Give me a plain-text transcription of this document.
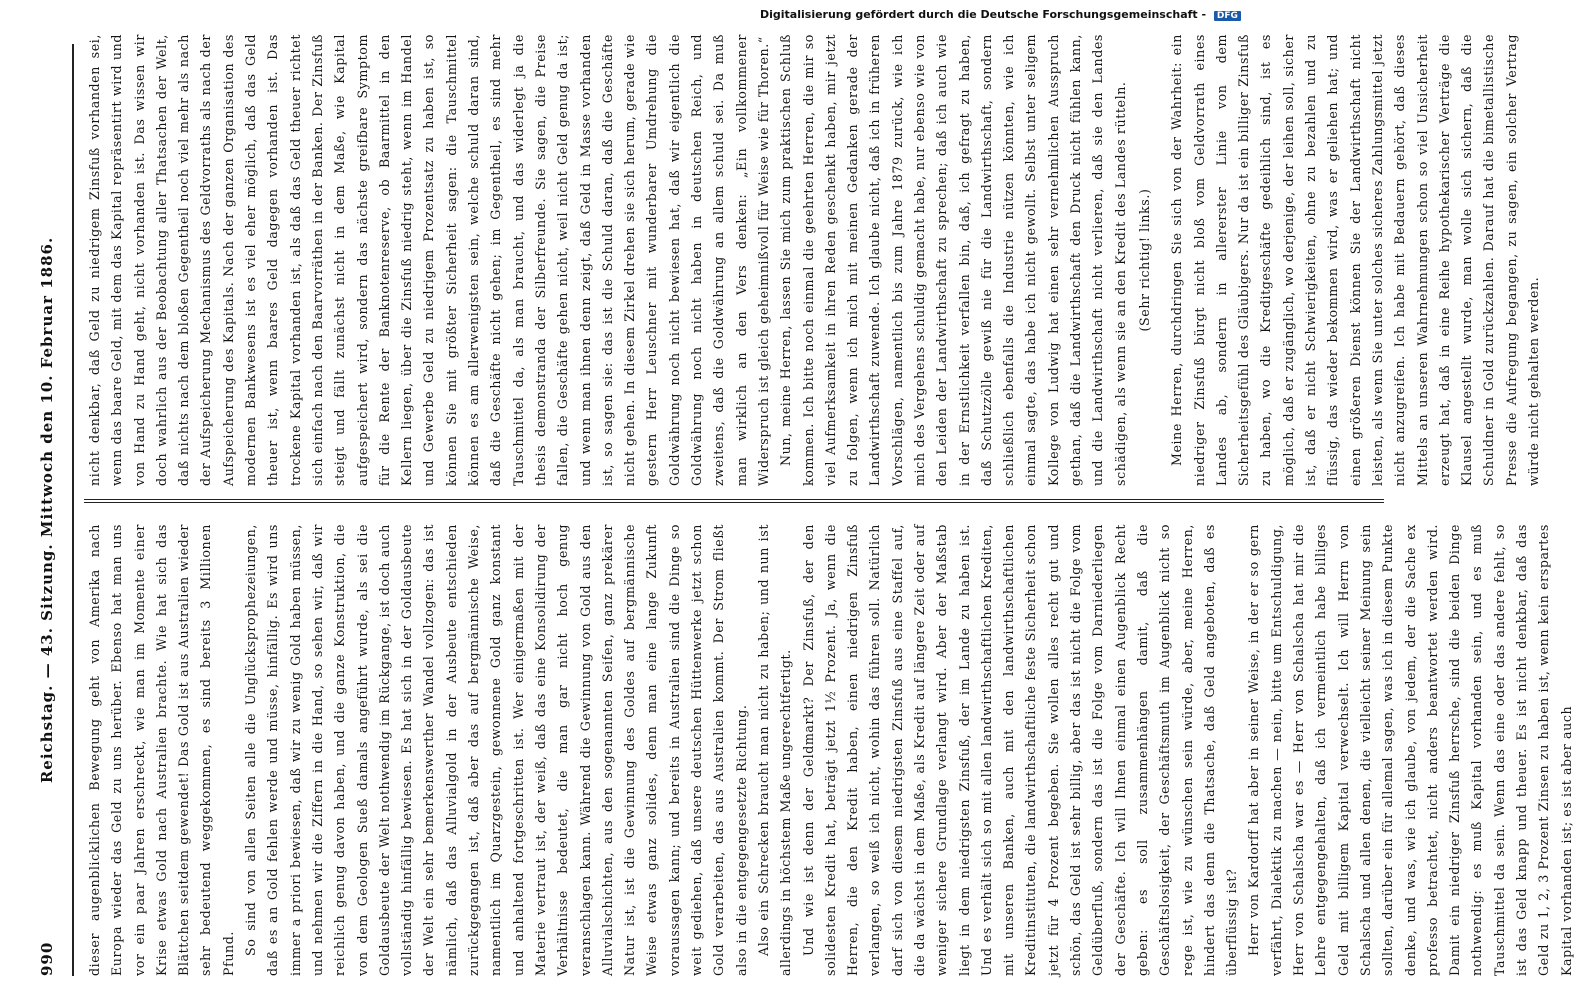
990
Reichstag. — 43. Sitzung. Mittwoch den 10. Februar 1886. dieser augenblicklichen Bewegung geht von Amerika nach Europa wieder das Geld zu uns herüber. Ebenso hat man uns vor ein paar Jahren erschreckt, wie man im Momente einer Krise etwas Gold nach Australien brachte. Wie hat sich das Blättchen seitdem gewendet! Das Gold ist aus Australien wieder sehr bedeutend weggekommen, es sind bereits 3 Millionen Pfund. So sind von allen Seiten alle die Unglücksprophezeiungen, daß es an Gold fehlen werde und müsse, hinfällig. Es wird uns immer a priori bewiesen, daß wir zu wenig Gold haben müssen, und nehmen wir die Ziffern in die Hand, so sehen wir, daß wir reichlich genug davon haben, und die ganze Konstruktion, die von dem Geologen Sueß damals angeführt wurde, als sei die Goldausbeute der Welt nothwendig im Rückgange, ist doch auch vollständig hinfällig bewiesen. Es hat sich in der Goldausbeute der Welt ein sehr bemerkenswerther Wandel vollzogen: das ist nämlich, daß das Alluvialgold in der Ausbeute entschieden zurückgegangen ist, daß aber das auf bergmännische Weise, namentlich im Quarzgestein, gewonnene Gold ganz konstant und anhaltend fortgeschritten ist. Wer einigermaßen mit der Materie vertraut ist, der weiß, daß das eine Konsolidirung der Verhältnisse bedeutet, die man gar nicht hoch genug veranschlagen kann. Während die Gewinnung von Gold aus den Alluvialschichten, aus den sogenannten Seifen, ganz prekärer Natur ist, ist die Gewinnung des Goldes auf bergmännische Weise etwas ganz solides, denn man eine lange Zukunft voraussagen kann; und bereits in Australien sind die Dinge so weit gediehen, daß unsere deutschen Hüttenwerke jetzt schon Gold verarbeiten, das aus Australien kommt. Der Strom fließt also in die entgegengesetzte Richtung. Also ein Schrecken braucht man nicht zu haben; und nun ist allerdings in höchstem Maße ungerechtfertigt. Und wie ist denn der Geldmarkt? Der Zinsfuß, der den solidesten Kredit hat, beträgt jetzt 1½ Prozent. Ja, wenn die Herren, die den Kredit haben, einen niedrigen Zinsfuß verlangen, so weiß ich nicht, wohin das führen soll. Natürlich darf sich von diesem niedrigsten Zinsfuß aus eine Staffel auf, die da wächst in dem Maße, als Kredit auf längere Zeit oder auf weniger sichere Grundlage verlangt wird. Aber der Maßstab liegt in dem niedrigsten Zinsfuß, der im Lande zu haben ist. Und es verhält sich so mit allen landwirthschaftlichen Krediten, mit unseren Banken, auch mit den landwirthschaftlichen Kreditinstituten, die landwirthschaftliche feste Sicherheit schon jetzt für 4 Prozent begeben. Sie wollen alles recht gut und schön, das Geld ist sehr billig, aber das ist nicht die Folge vom Geldüberfluß, sondern das ist die Folge vom Darniederliegen der Geschäfte. Ich will Ihnen einmal einen Augenblick Recht geben: es soll zusammenhängen damit, daß die Geschäftslosigkeit, der Geschäftsmuth im Augenblick nicht so rege ist, wie zu wünschen sein würde, aber, meine Herren, hindert das denn die Thatsache, daß Geld angeboten, daß es überflüssig ist? Herr von Kardorff hat aber in seiner Weise, in der er so gern verfährt, Dialektik zu machen — nein, bitte um Entschuldigung, Herr von Schalscha war es — Herr von Schalscha hat mir die Lehre entgegengehalten, daß ich vermeintlich habe billiges Geld mit billigem Kapital verwechselt. Ich will Herrn von Schalscha und allen denen, die vielleicht seiner Meinung sein sollten, darüber ein für allemal sagen, was ich in diesem Punkte denke, und was, wie ich glaube, von jedem, der die Sache ex professo betrachtet, nicht anders beantwortet werden wird. Damit ein niedriger Zinsfuß herrsche, sind die beiden Dinge nothwendig: es muß Kapital vorhanden sein, und es muß Tauschmittel da sein. Wenn das eine oder das andere fehlt, so ist das Geld knapp und theuer. Es ist nicht denkbar, daß das Geld zu 1, 2, 3 Prozent Zinsen zu haben ist, wenn kein erspartes Kapital vorhanden ist; es ist aber auch

nicht denkbar, daß Geld zu niedrigem Zinsfuß vorhanden sei, wenn das baare Geld, mit dem das Kapital repräsentirt wird und von Hand zu Hand geht, nicht vorhanden ist. Das wissen wir doch wahrlich aus der Beobachtung aller Thatsachen der Welt, daß nichts nach dem bloßen Gegentheil noch viel mehr als nach der Aufspeicherung Mechanismus des Geldvorraths als nach der Aufspeicherung des Kapitals. Nach der ganzen Organisation des modernen Bankwesens ist es viel eher möglich, daß das Geld theuer ist, wenn baares Geld dagegen vorhanden ist. Das trockene Kapital vorhanden ist, als daß das Geld theuer richtet sich einfach nach den Baarvorräthen in der Banken. Der Zinsfuß steigt und fällt zunächst nicht in dem Maße, wie Kapital aufgespeichert wird, sondern das nächste greifbare Symptom für die Rente der Banknotenreserve, ob Baarmittel in den Kellern liegen, über die Zinsfuß niedrig steht, wenn im Handel und Gewerbe Geld zu niedrigem Prozentsatz zu haben ist, so können Sie mit größter Sicherheit sagen: die Tauschmittel können es am allerwenigsten sein, welche schuld daran sind, daß die Geschäfte nicht gehen; im Gegentheil, es sind mehr Tauschmittel da, als man braucht, und das widerlegt ja die thesis demonstranda der Silberfreunde. Sie sagen, die Preise fallen, die Geschäfte gehen nicht, weil nicht Geld genug da ist; und wenn man ihnen denn zeigt, daß Geld in Masse vorhanden ist, so sagen sie: das ist die Schuld daran, daß die Geschäfte nicht gehen. In diesem Zirkel drehen sie sich herum, gerade wie gestern Herr Leuschner mit wunderbarer Umdrehung die Goldwährung noch nicht bewiesen hat, daß wir eigentlich die Goldwährung noch nicht haben in deutschen Reich, und zweitens, daß die Goldwährung an allem schuld sei. Da muß man wirklich an den Vers denken: „Ein vollkommener Widerspruch ist gleich geheimnißvoll für Weise wie für Thoren.“ Nun, meine Herren, lassen Sie mich zum praktischen Schluß kommen. Ich bitte noch einmal die geehrten Herren, die mir so viel Aufmerksamkeit in ihren Reden geschenkt haben, mir jetzt zu folgen, wenn ich mich mit meinen Gedanken gerade der Landwirthschaft zuwende. Ich glaube nicht, daß ich in früheren Vorschlägen, namentlich bis zum Jahre 1879 zurück, wie ich mich des Vergehens schuldig gemacht habe, nur ebenso wie von den Leiden der Landwirthschaft zu sprechen; daß ich auch wie in der Ernstlichkeit verfallen bin, daß, ich gefragt zu haben, daß Schutzzölle gewiß nie für die Landwirthschaft, sondern schließlich ebenfalls die Industrie nützen könnten, wie ich einmal sagte, das habe ich nicht gewollt. Selbst unter seligem Kollege von Ludwig hat einen sehr vernehmlichen Ausspruch gethan, daß die Landwirthschaft den Druck nicht fühlen kann, und die Landwirthschaft nicht verlieren, daß sie den Landes schädigen, als wenn sie an den Kredit des Landes rütteln. (Sehr richtig! links.)	Meine Herren, durchdringen Sie sich von der Wahrheit: ein niedriger Zinsfuß bürgt nicht bloß vom Geldvorrath eines Landes ab, sondern in allererster Linie von dem Sicherheitsgefühl des Gläubigers. Nur da ist ein billiger Zinsfuß zu haben, wo die Kreditgeschäfte gedeihlich sind, ist es möglich, daß er zugänglich, wo derjenige, der leihen soll, sicher ist, daß er nicht Schwierigkeiten, ohne zu bezahlen und zu flüssig, das wieder bekommen wird, was er geliehen hat; und einen größeren Dienst können Sie der Landwirthschaft nicht leisten, als wenn Sie unter solches sicheres Zahlungsmittel jetzt nicht anzugreifen. Ich habe mit Bedauern gehört, daß dieses Mittels an unseren Wahrnehmungen schon so viel Unsicherheit erzeugt hat, daß in eine Reihe hypothekarischer Verträge die Klausel angestellt wurde, man wolle sich sichern, daß die Schuldner in Gold zurückzahlen. Darauf hat die bimetallistische Presse die Aufregung begangen, zu sagen, ein solcher Vertrag würde nicht gehalten werden.

Digitalisierung gefördert durch die Deutsche Forschungsgemeinschaft - DFG
